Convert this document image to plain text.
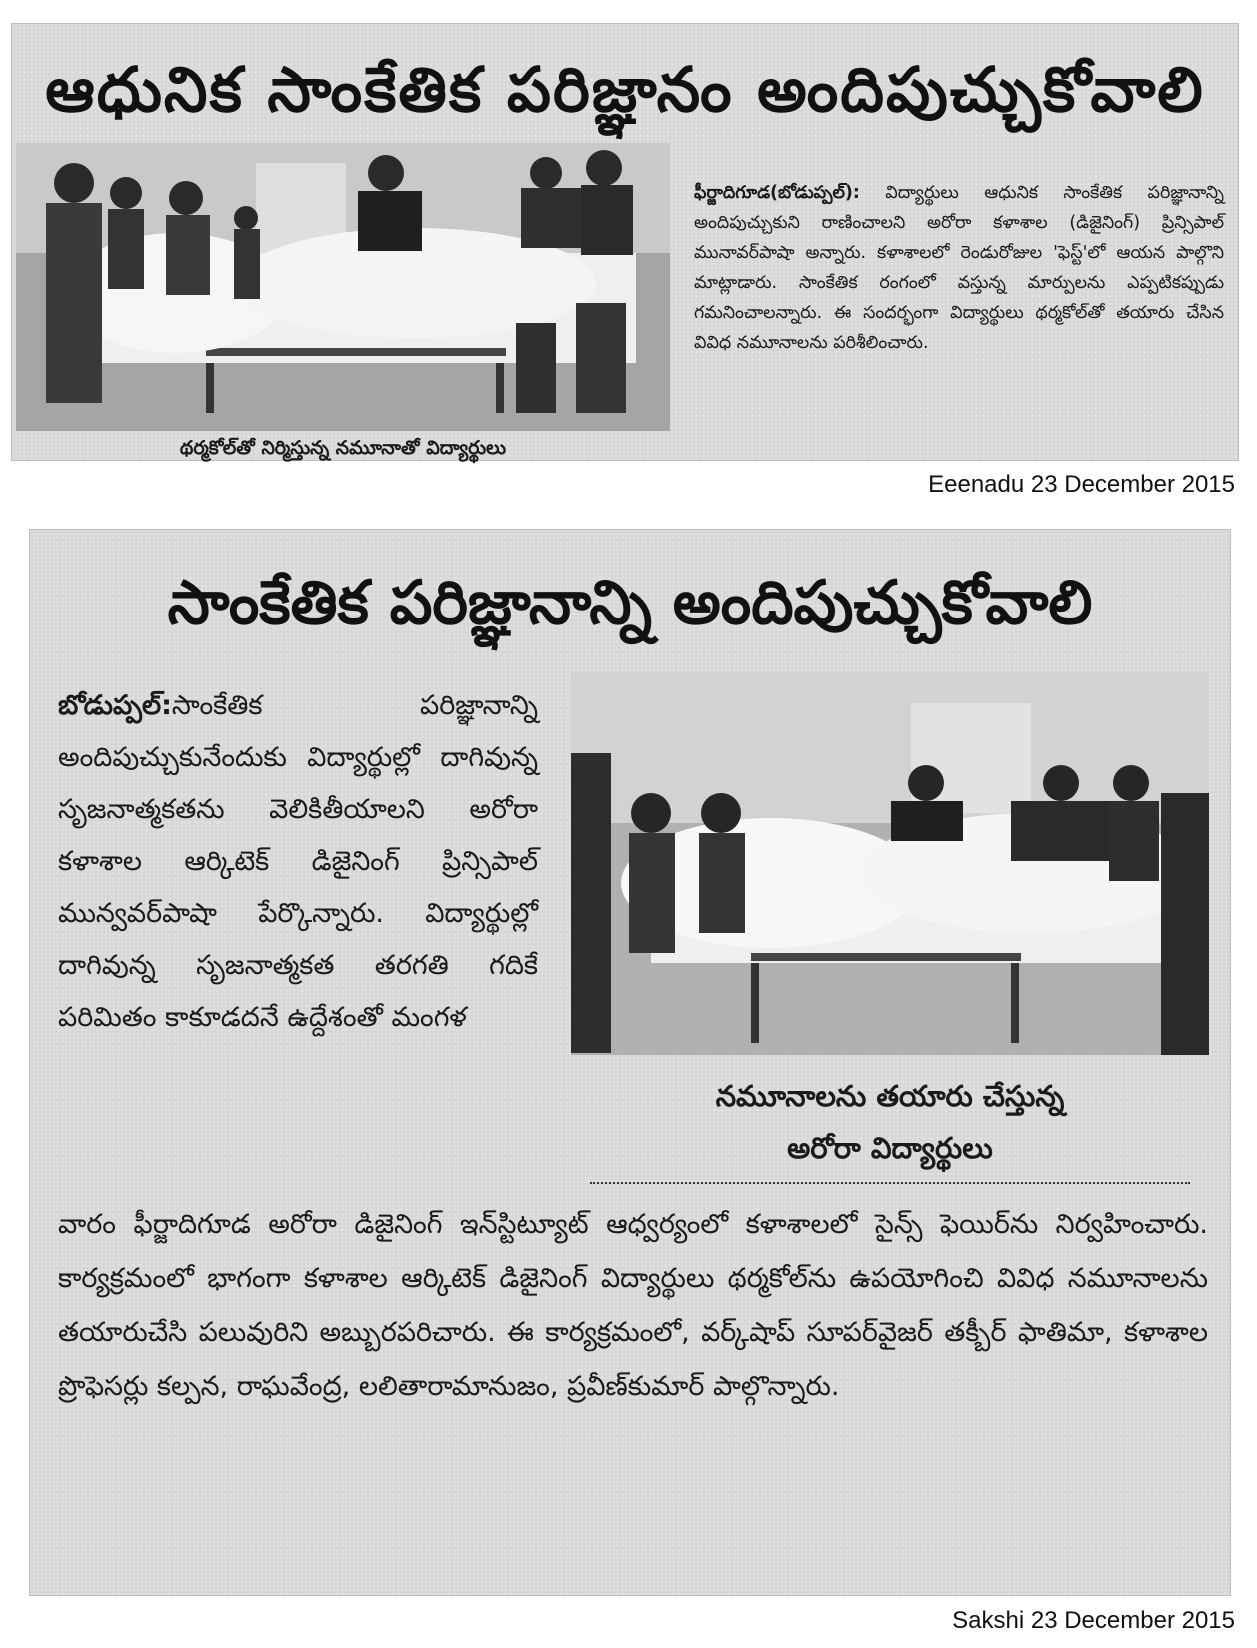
ఆధునిక సాంకేతిక పరిజ్ఞానం అందిపుచ్చుకోవాలి
థర్మకోల్‌తో నిర్మిస్తున్న నమూనాతో విద్యార్థులు
ఫీర్జాదిగూడ(బోడుప్పల్): విద్యార్థులు ఆధునిక సాంకేతిక పరిజ్ఞానాన్ని అందిపుచ్చుకుని రాణించాలని అరోరా కళాశాల (డిజైనింగ్) ప్రిన్సిపాల్ మునావర్‌పాషా అన్నారు. కళాశాలలో రెండురోజుల 'ఫెస్ట్'లో ఆయన పాల్గొని మాట్లాడారు. సాంకేతిక రంగంలో వస్తున్న మార్పులను ఎప్పటికప్పుడు గమనించాలన్నారు. ఈ సందర్భంగా విద్యార్థులు థర్మకోల్‌తో తయారు చేసిన వివిధ నమూనాలను పరిశీలించారు.
Eeenadu 23 December 2015
సాంకేతిక పరిజ్ఞానాన్ని అందిపుచ్చుకోవాలి
బోడుప్పల్:సాంకేతిక పరిజ్ఞానాన్ని అందిపుచ్చుకునేందుకు విద్యార్థుల్లో దాగివున్న సృజనాత్మకతను వెలికితీయాలని అరోరా కళాశాల ఆర్కిటెక్ డిజైనింగ్ ప్రిన్సిపాల్ మున్వవర్‌పాషా పేర్కొన్నారు. విద్యార్థుల్లో దాగివున్న సృజనాత్మకత తరగతి గదికే పరిమితం కాకూడదనే ఉద్దేశంతో మంగళ
నమూనాలను తయారు చేస్తున్న
అరోరా విద్యార్థులు
వారం ఫీర్జాదిగూడ అరోరా డిజైనింగ్ ఇన్‌స్టిట్యూట్ ఆధ్వర్యంలో కళాశాలలో సైన్స్ ఫెయిర్‌ను నిర్వహించారు. కార్యక్రమంలో భాగంగా కళాశాల ఆర్కిటెక్ డిజైనింగ్ విద్యార్థులు థర్మకోల్‌ను ఉపయోగించి వివిధ నమూనాలను తయారుచేసి పలువురిని అబ్బురపరిచారు. ఈ కార్యక్రమంలో, వర్క్‌షాప్ సూపర్‌వైజర్ తక్బీర్ ఫాతిమా, కళాశాల ప్రొఫెసర్లు కల్పన, రాఘవేంద్ర, లలితారామానుజం, ప్రవీణ్‌కుమార్ పాల్గొన్నారు.
Sakshi 23 December 2015
